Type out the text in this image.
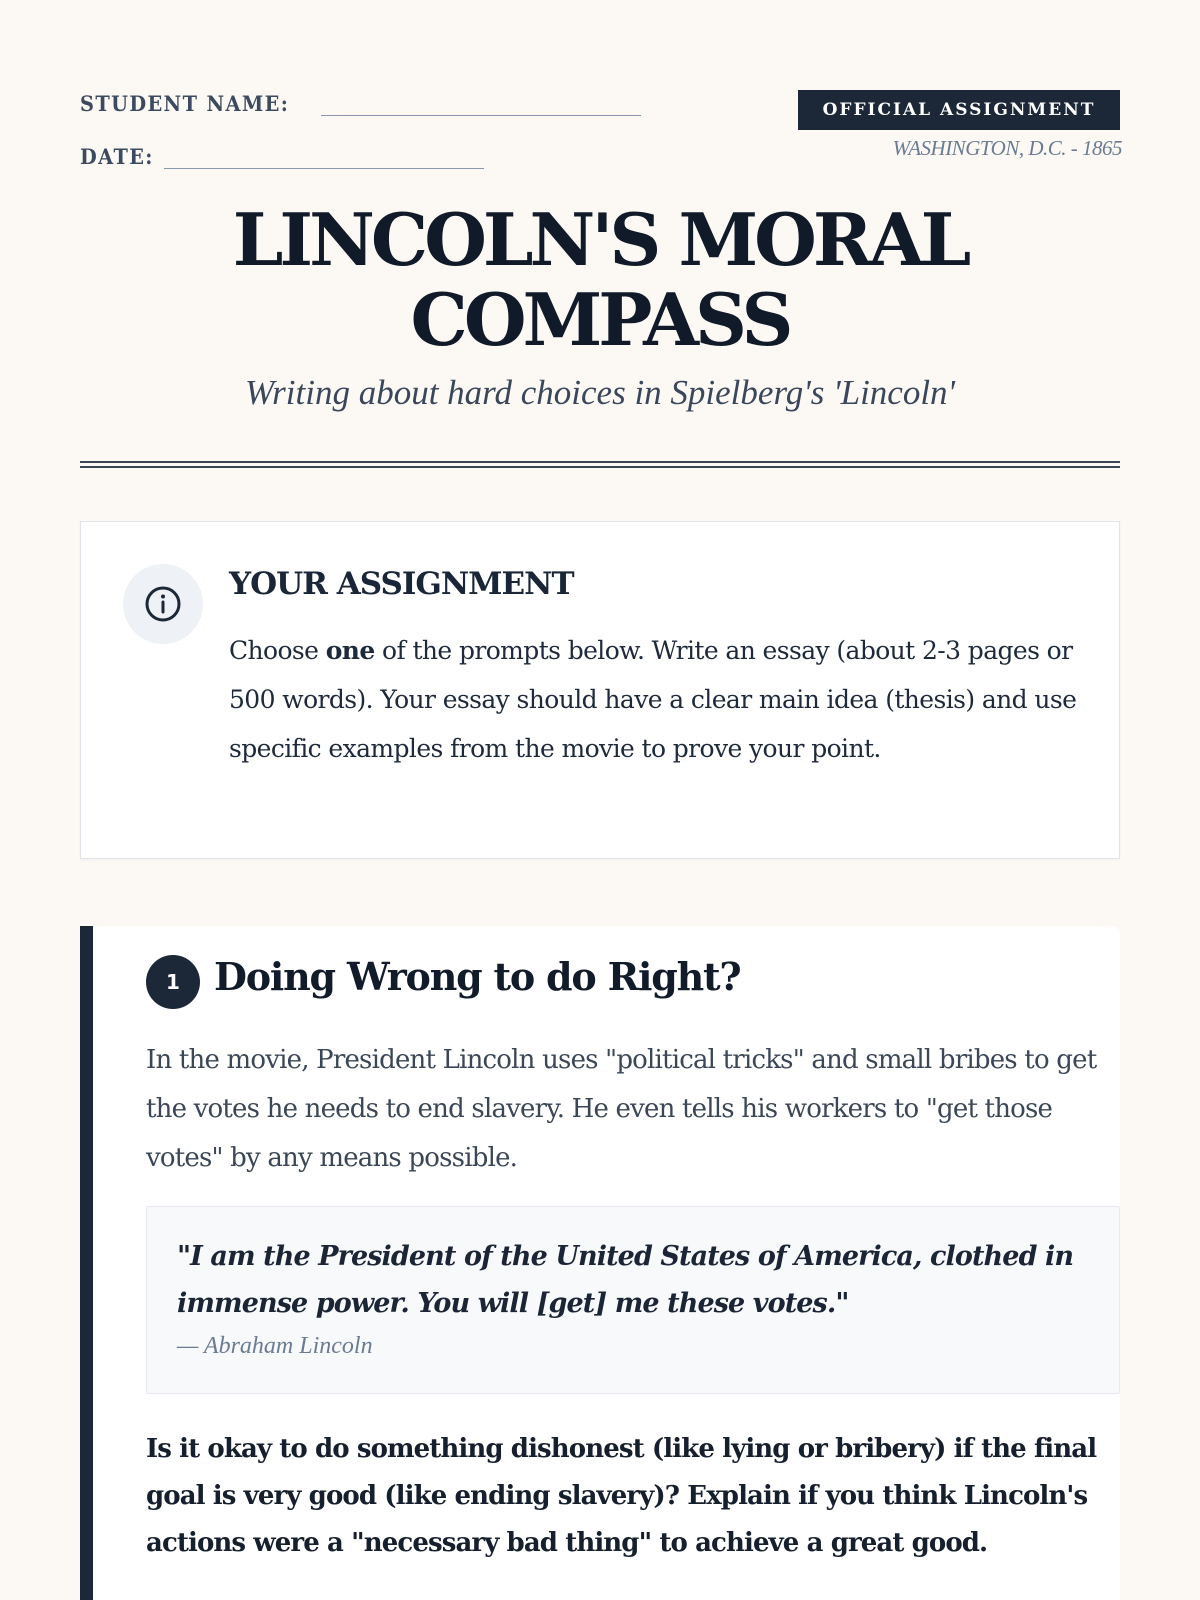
STUDENT NAME:
DATE:
OFFICIAL ASSIGNMENT
WASHINGTON, D.C. - 1865
LINCOLN'S MORAL
COMPASS
Writing about hard choices in Spielberg's 'Lincoln'
YOUR ASSIGNMENT

Choose one of the prompts below. Write an essay (about 2-3 pages or 500 words). Your essay should have a clear main idea (thesis) and use specific examples from the movie to prove your point.

1 Doing Wrong to do Right?

In the movie, President Lincoln uses "political tricks" and small bribes to get the votes he needs to end slavery. He even tells his workers to "get those votes" by any means possible.

"I am the President of the United States of America, clothed in immense power. You will [get] me these votes."
— Abraham Lincoln

Is it okay to do something dishonest (like lying or bribery) if the final goal is very good (like ending slavery)? Explain if you think Lincoln's actions were a "necessary bad thing" to achieve a great good.
